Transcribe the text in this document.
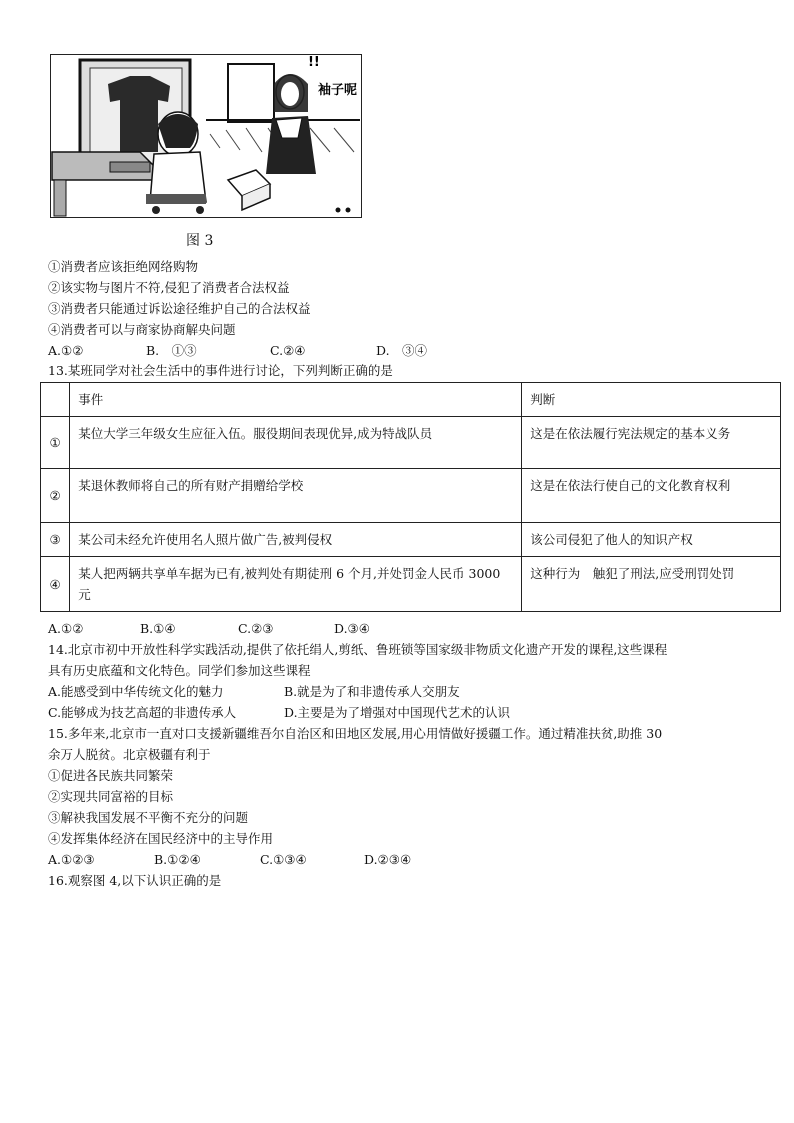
!!
袖子呢
图 3
①消费者应该拒绝网络购物
②该实物与图片不符,侵犯了消费者合法权益
③消费者只能通过诉讼途径维护自己的合法权益
④消费者可以与商家协商解央问题
A.①②	B.　①③	C.②④	D.　③④
13.某班同学对社会生活中的事件进行讨论，下列判断正确的是
	事件	判断
①	某位大学三年级女生应征入伍。服役期间表现优异,成为特战队员	这是在依法履行宪法规定的基本义务
②	某退休教师将自己的所有财产捐赠给学校	这是在依法行使自己的文化教育权利
③	某公司未经允许使用名人照片做广告,被判侵权	该公司侵犯了他人的知识产权
④	某人把两辆共享单车据为已有,被判处有期徒刑 6 个月,并处罚金人民币 3000 元	这种行为　触犯了刑法,应受刑罚处罚
A.①②	B.①④	C.②③	D.③④
14.北京市初中开放性科学实践活动,提供了依托绢人,剪纸、鲁班锁等国家级非物质文化遗产开发的课程,这些课程
具有历史底蕴和文化特色。同学们参加这些课程
A.能感受到中华传统文化的魅力	B.就是为了和非遗传承人交朋友
C.能够成为技艺高超的非遗传承人	D.主要是为了增强对中国现代艺术的认识
15.多年来,北京市一直对口支援新疆维吾尔自治区和田地区发展,用心用情做好援疆工作。通过精准扶贫,助推 30
余万人脱贫。北京极疆有利于
①促进各民族共同繁荣
②实现共同富裕的目标
③解袂我国发展不平衡不充分的问题
④发挥集体经济在国民经济中的主导作用
A.①②③	B.①②④	C.①③④	D.②③④
16.观察图 4,以下认识正确的是
